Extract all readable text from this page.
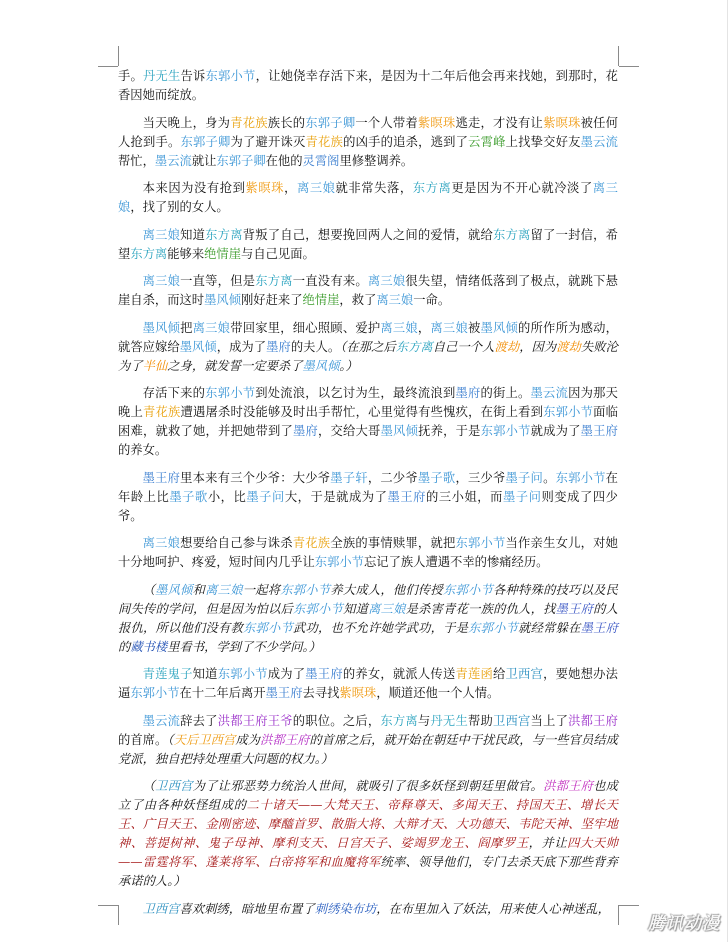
手。丹无生告诉东郭小节，让她侥幸存活下来，是因为十二年后他会再来找她，到那时，花香因她而绽放。

当天晚上，身为青花族族长的东郭子卿一个人带着紫暝珠逃走，才没有让紫暝珠被任何人抢到手。东郭子卿为了避开诛灭青花族的凶手的追杀，逃到了云霄峰上找挚交好友墨云流帮忙，墨云流就让东郭子卿在他的灵霄阁里修整调养。

本来因为没有抢到紫暝珠，离三娘就非常失落，东方离更是因为不开心就冷淡了离三娘，找了别的女人。

离三娘知道东方离背叛了自己，想要挽回两人之间的爱情，就给东方离留了一封信，希望东方离能够来绝情崖与自己见面。

离三娘一直等，但是东方离一直没有来。离三娘很失望，情绪低落到了极点，就跳下悬崖自杀，而这时墨风倾刚好赶来了绝情崖，救了离三娘一命。

墨风倾把离三娘带回家里，细心照顾、爱护离三娘，离三娘被墨风倾的所作所为感动，就答应嫁给墨风倾，成为了墨府的夫人。（在那之后东方离自己一个人渡劫，因为渡劫失败沦为了半仙之身，就发誓一定要杀了墨风倾。）

存活下来的东郭小节到处流浪，以乞讨为生，最终流浪到墨府的街上。墨云流因为那天晚上青花族遭遇屠杀时没能够及时出手帮忙，心里觉得有些愧疚，在街上看到东郭小节面临困难，就救了她，并把她带到了墨府，交给大哥墨风倾抚养，于是东郭小节就成为了墨王府的养女。

墨王府里本来有三个少爷：大少爷墨子轩，二少爷墨子歌，三少爷墨子问。东郭小节在年龄上比墨子歌小，比墨子问大，于是就成为了墨王府的三小姐，而墨子问则变成了四少爷。

离三娘想要给自己参与诛杀青花族全族的事情赎罪，就把东郭小节当作亲生女儿，对她十分地呵护、疼爱，短时间内几乎让东郭小节忘记了族人遭遇不幸的惨痛经历。

（墨风倾和离三娘一起将东郭小节养大成人，他们传授东郭小节各种特殊的技巧以及民间失传的学问，但是因为怕以后东郭小节知道离三娘是杀害青花一族的仇人，找墨王府的人报仇，所以他们没有教东郭小节武功，也不允许她学武功，于是东郭小节就经常躲在墨王府的藏书楼里看书，学到了不少学问。）

青莲鬼子知道东郭小节成为了墨王府的养女，就派人传送青莲函给卫西宫，要她想办法逼东郭小节在十二年后离开墨王府去寻找紫暝珠，顺道还他一个人情。

墨云流辞去了洪都王府王爷的职位。之后，东方离与丹无生帮助卫西宫当上了洪都王府的首席。（天后卫西宫成为洪都王府的首席之后，就开始在朝廷中干扰民政，与一些官员结成党派，独自把持处理重大问题的权力。）

（卫西宫为了让邪恶势力统治人世间，就吸引了很多妖怪到朝廷里做官。洪都王府也成立了由各种妖怪组成的二十诸天——大梵天王、帝释尊天、多闻天王、持国天王、增长天王、广目天王、金刚密迹、摩醯首罗、散脂大将、大辩才天、大功德天、韦陀天神、坚牢地神、菩提树神、鬼子母神、摩利支天、日宫天子、娑竭罗龙王、阎摩罗王，并让四大天帅——雷霆将军、蓬莱将军、白帝将军和血魔将军统率、领导他们，专门去杀天底下那些背弃承诺的人。）

卫西宫喜欢刺绣，暗地里布置了刺绣染布坊，在布里加入了妖法，用来使人心神迷乱，

腾讯动漫
